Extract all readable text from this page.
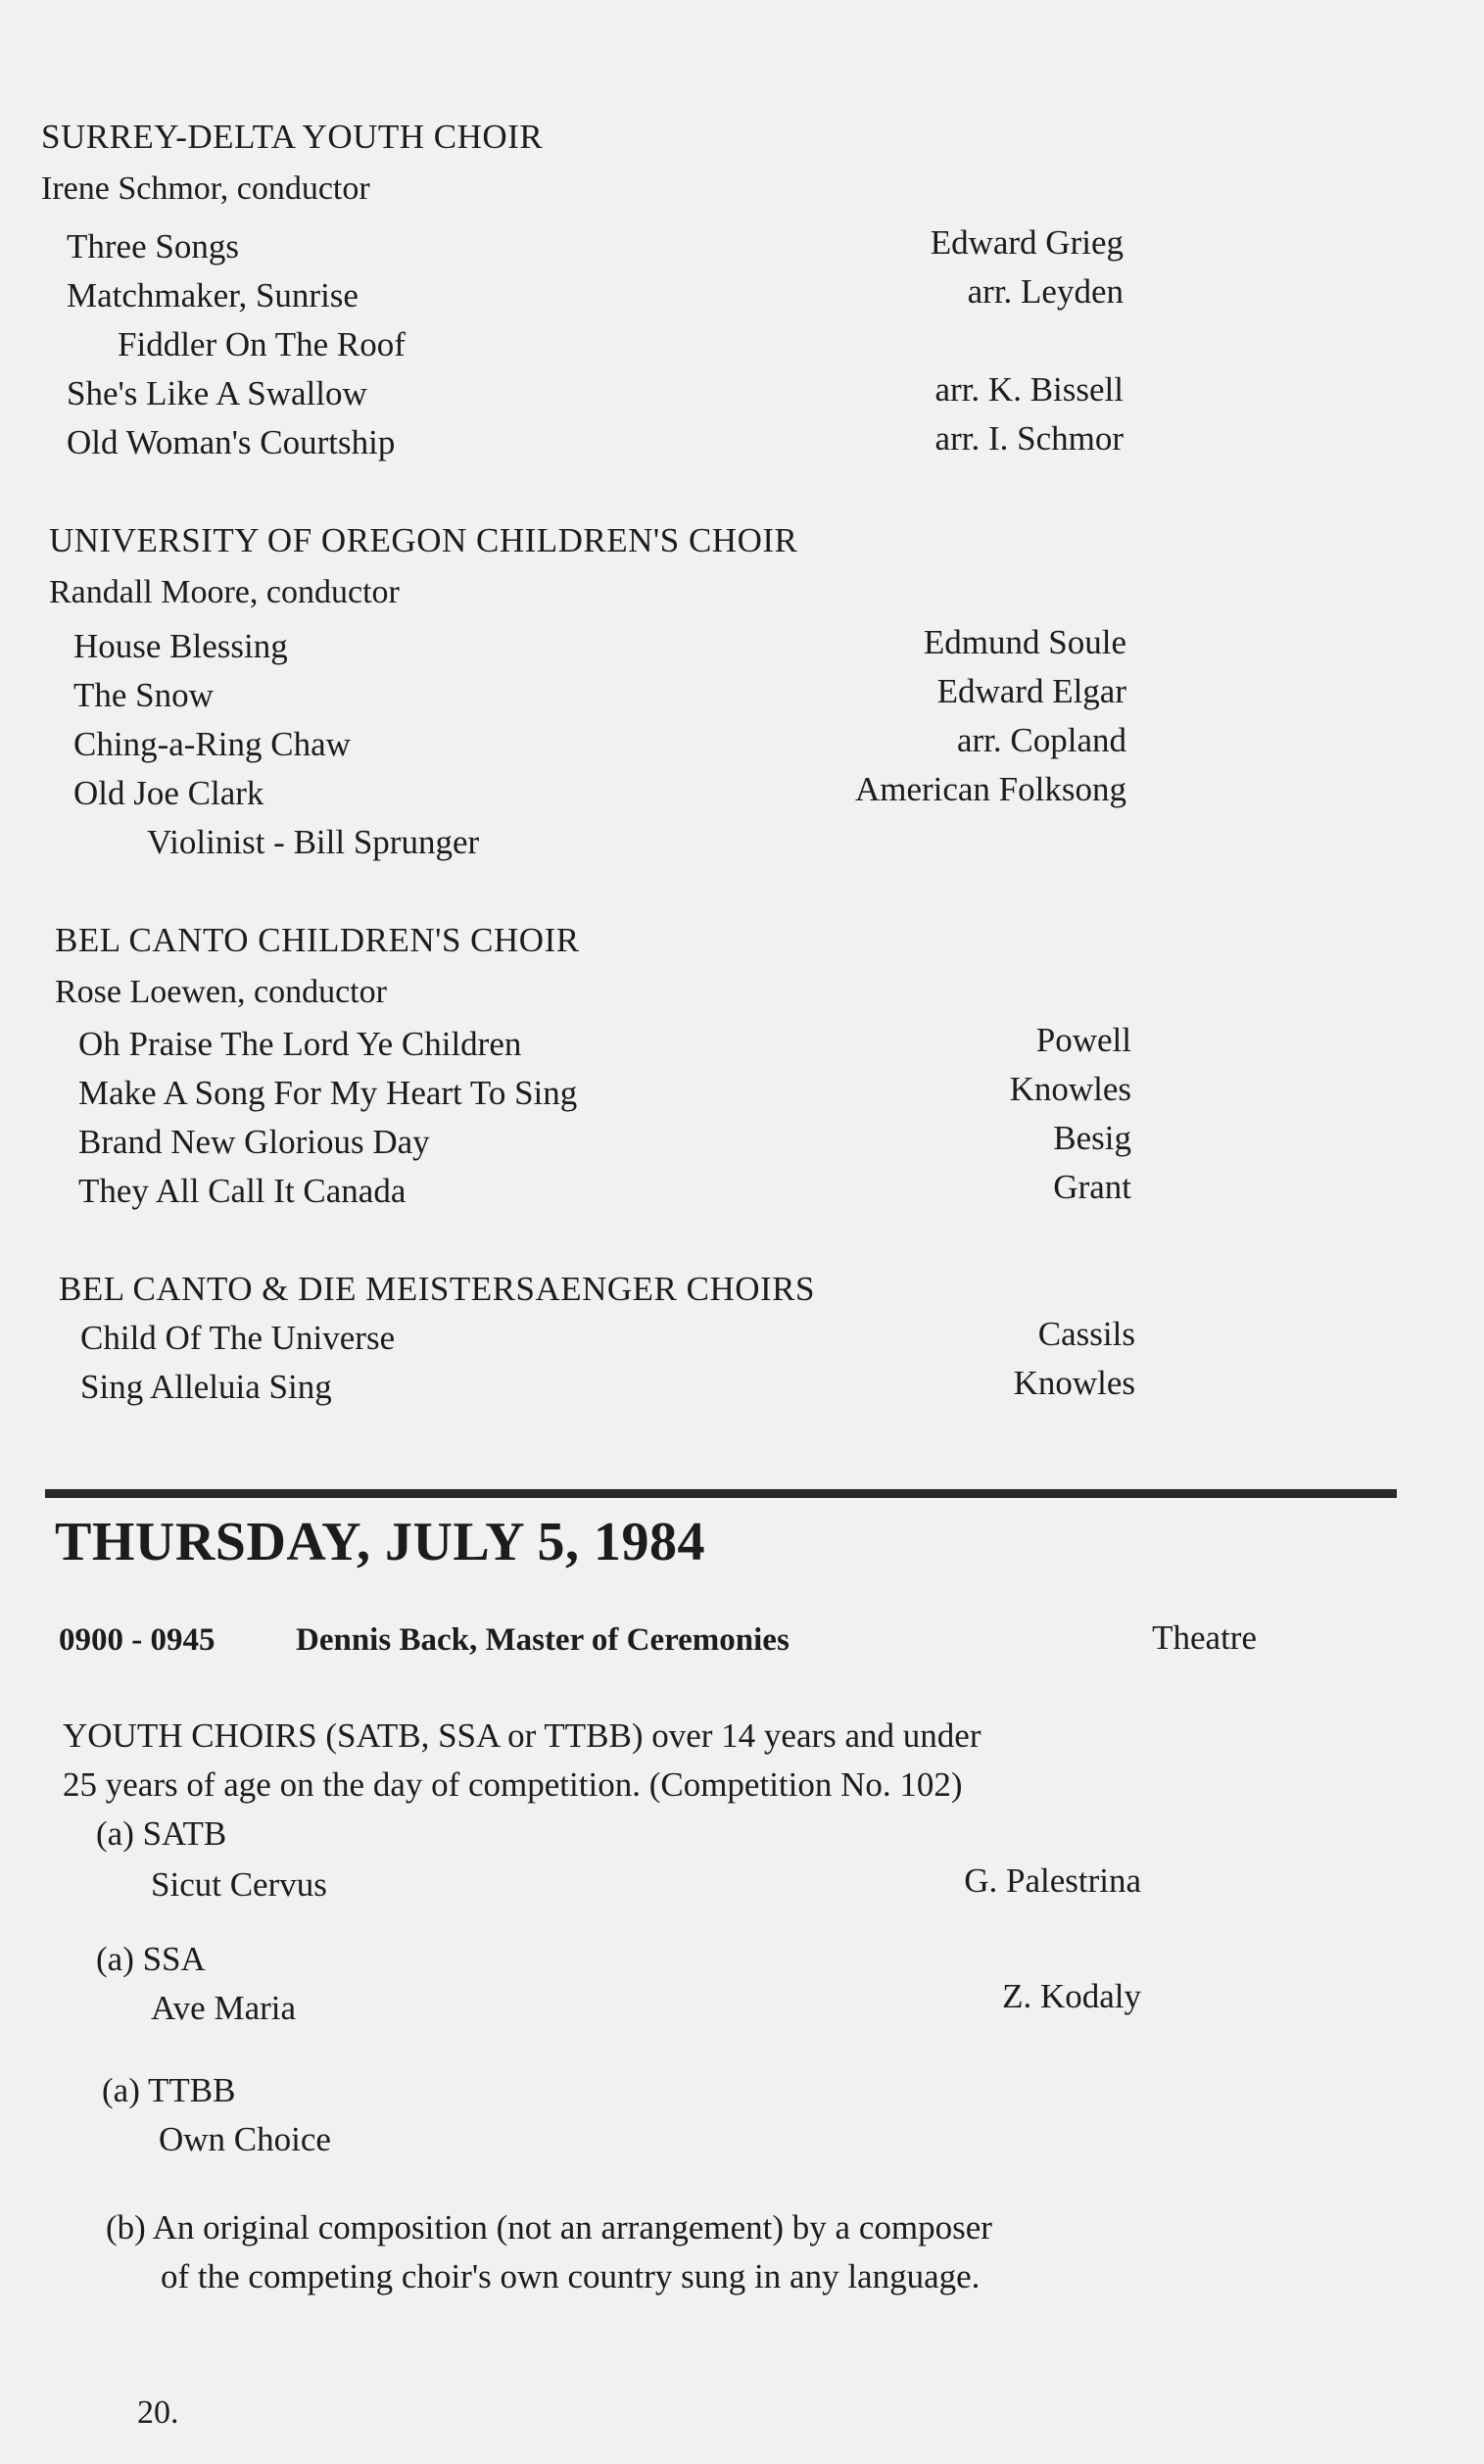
SURREY-DELTA YOUTH CHOIR
Irene Schmor, conductor
Three Songs	Edward Grieg
Matchmaker, Sunrise	arr. Leyden
Fiddler On The Roof
She's Like A Swallow	arr. K. Bissell
Old Woman's Courtship	arr. I. Schmor
UNIVERSITY OF OREGON CHILDREN'S CHOIR
Randall Moore, conductor
House Blessing	Edmund Soule
The Snow	Edward Elgar
Ching-a-Ring Chaw	arr. Copland
Old Joe Clark	American Folksong
Violinist - Bill Sprunger
BEL CANTO CHILDREN'S CHOIR
Rose Loewen, conductor
Oh Praise The Lord Ye Children	Powell
Make A Song For My Heart To Sing	Knowles
Brand New Glorious Day	Besig
They All Call It Canada	Grant
BEL CANTO & DIE MEISTERSAENGER CHOIRS
Child Of The Universe	Cassils
Sing Alleluia Sing	Knowles
THURSDAY, JULY 5, 1984
0900 - 0945	Dennis Back, Master of Ceremonies	Theatre
YOUTH CHOIRS (SATB, SSA or TTBB) over 14 years and under
25 years of age on the day of competition. (Competition No. 102)
(a) SATB
Sicut Cervus	G. Palestrina
(a) SSA
Ave Maria	Z. Kodaly
(a) TTBB
Own Choice
(b) An original composition (not an arrangement) by a composer
of the competing choir's own country sung in any language.
20.
